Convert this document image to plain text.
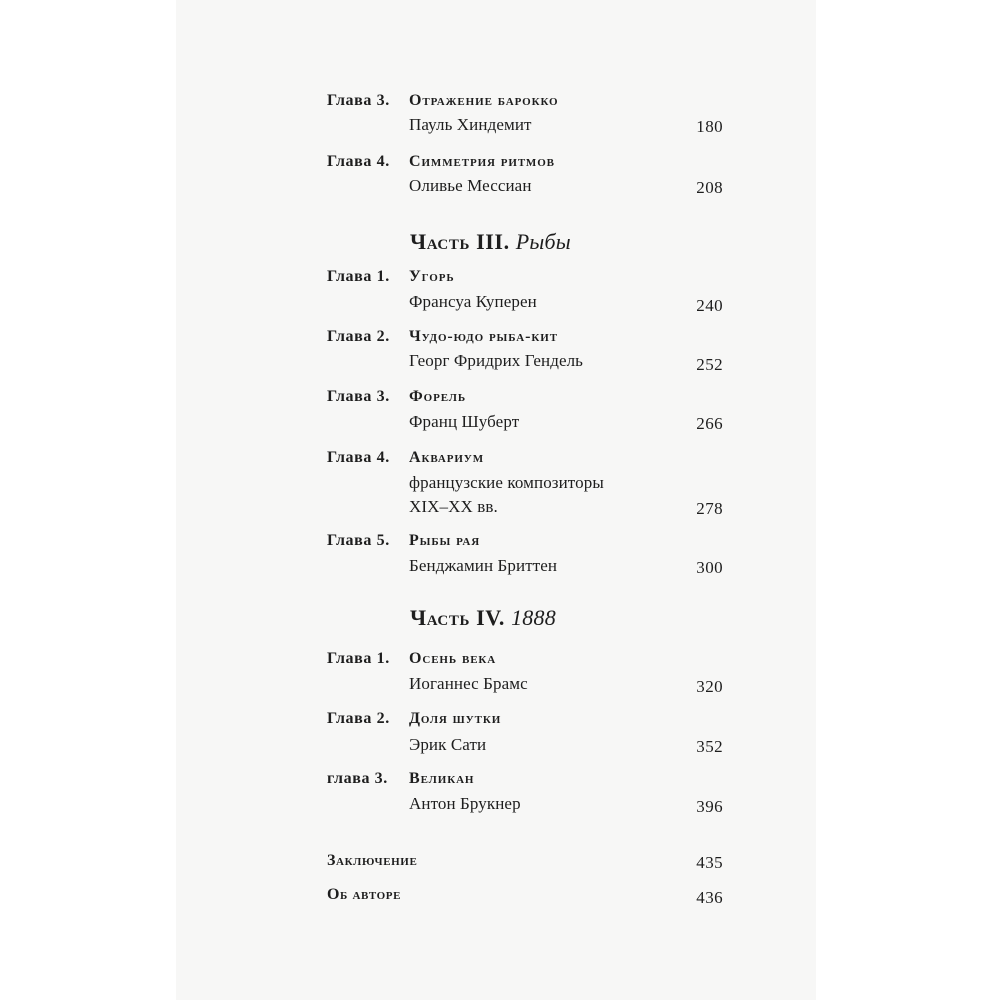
Глава 3. Отражение барокко
Пауль Хиндемит	180
Глава 4. Симметрия ритмов
Оливье Мессиан	208
Часть III. Рыбы
Глава 1. Угорь
Франсуа Куперен	240
Глава 2. Чудо-юдо рыба-кит
Георг Фридрих Гендель	252
Глава 3. Форель
Франц Шуберт	266
Глава 4. Аквариум
французские композиторы
XIX–XX вв.	278
Глава 5. Рыбы рая
Бенджамин Бриттен	300
Часть IV. 1888
Глава 1. Осень века
Иоганнес Брамс	320
Глава 2. Доля шутки
Эрик Сати	352
глава 3. Великан
Антон Брукнер	396
Заключение	435
Об авторе	436
